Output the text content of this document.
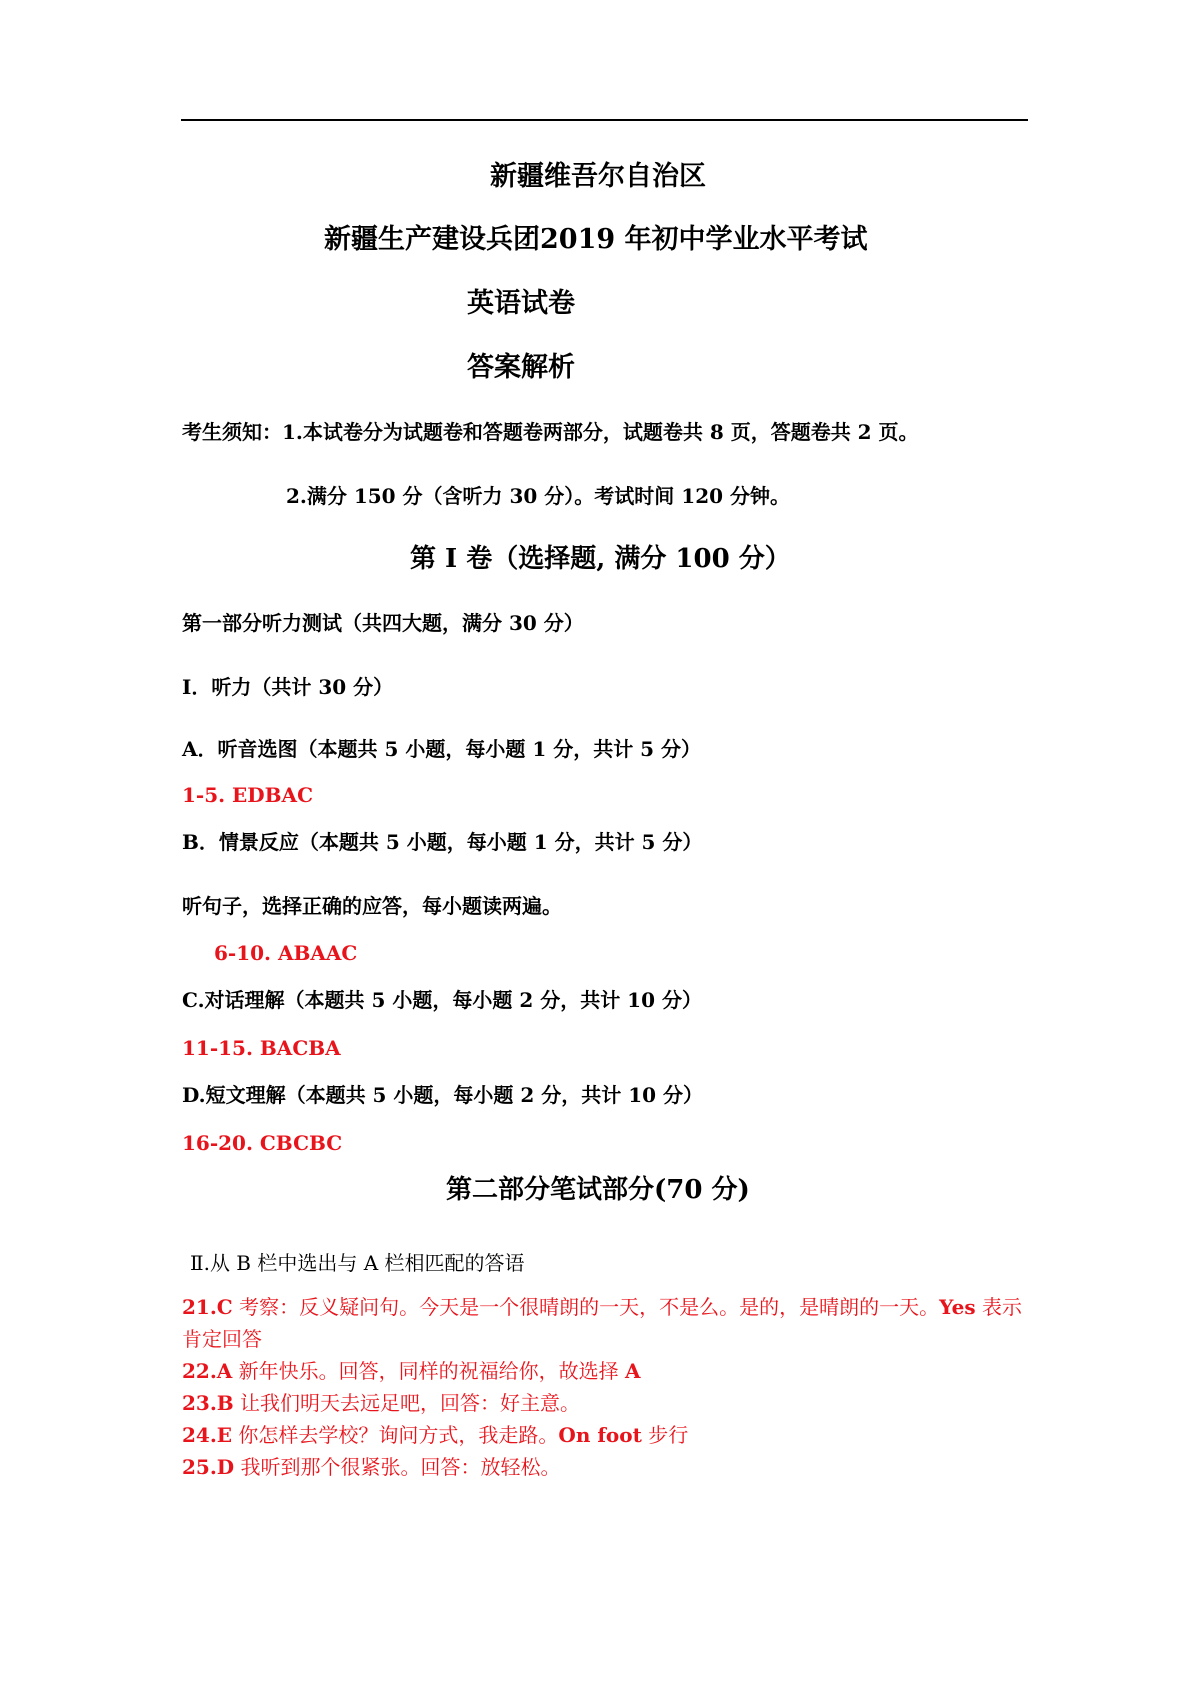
新疆维吾尔自治区
新疆生产建设兵团2019 年初中学业水平考试
英语试卷
答案解析
考生须知：1.本试卷分为试题卷和答题卷两部分，试题卷共 8 页，答题卷共 2 页。
2.满分 150 分（含听力 30 分）。考试时间 120 分钟。
第 I 卷（选择题, 满分 100 分）
第一部分听力测试（共四大题，满分 30 分）
I．听力（共计 30 分）
A．听音选图（本题共 5 小题，每小题 1 分，共计 5 分）
1-5. EDBAC
B．情景反应（本题共 5 小题，每小题 1 分，共计 5 分）
听句子，选择正确的应答，每小题读两遍。
6-10. ABAAC
C.对话理解（本题共 5 小题，每小题 2 分，共计 10 分）
11-15. BACBA
D.短文理解（本题共 5 小题，每小题 2 分，共计 10 分）
16-20. CBCBC
第二部分笔试部分(70 分)
Ⅱ.从 B 栏中选出与 A 栏相匹配的答语
21.C 考察：反义疑问句。今天是一个很晴朗的一天，不是么。是的，是晴朗的一天。Yes 表示肯定回答
22.A 新年快乐。回答，同样的祝福给你，故选择 A
23.B 让我们明天去远足吧，回答：好主意。
24.E 你怎样去学校？询问方式，我走路。On foot 步行
25.D 我听到那个很紧张。回答：放轻松。
